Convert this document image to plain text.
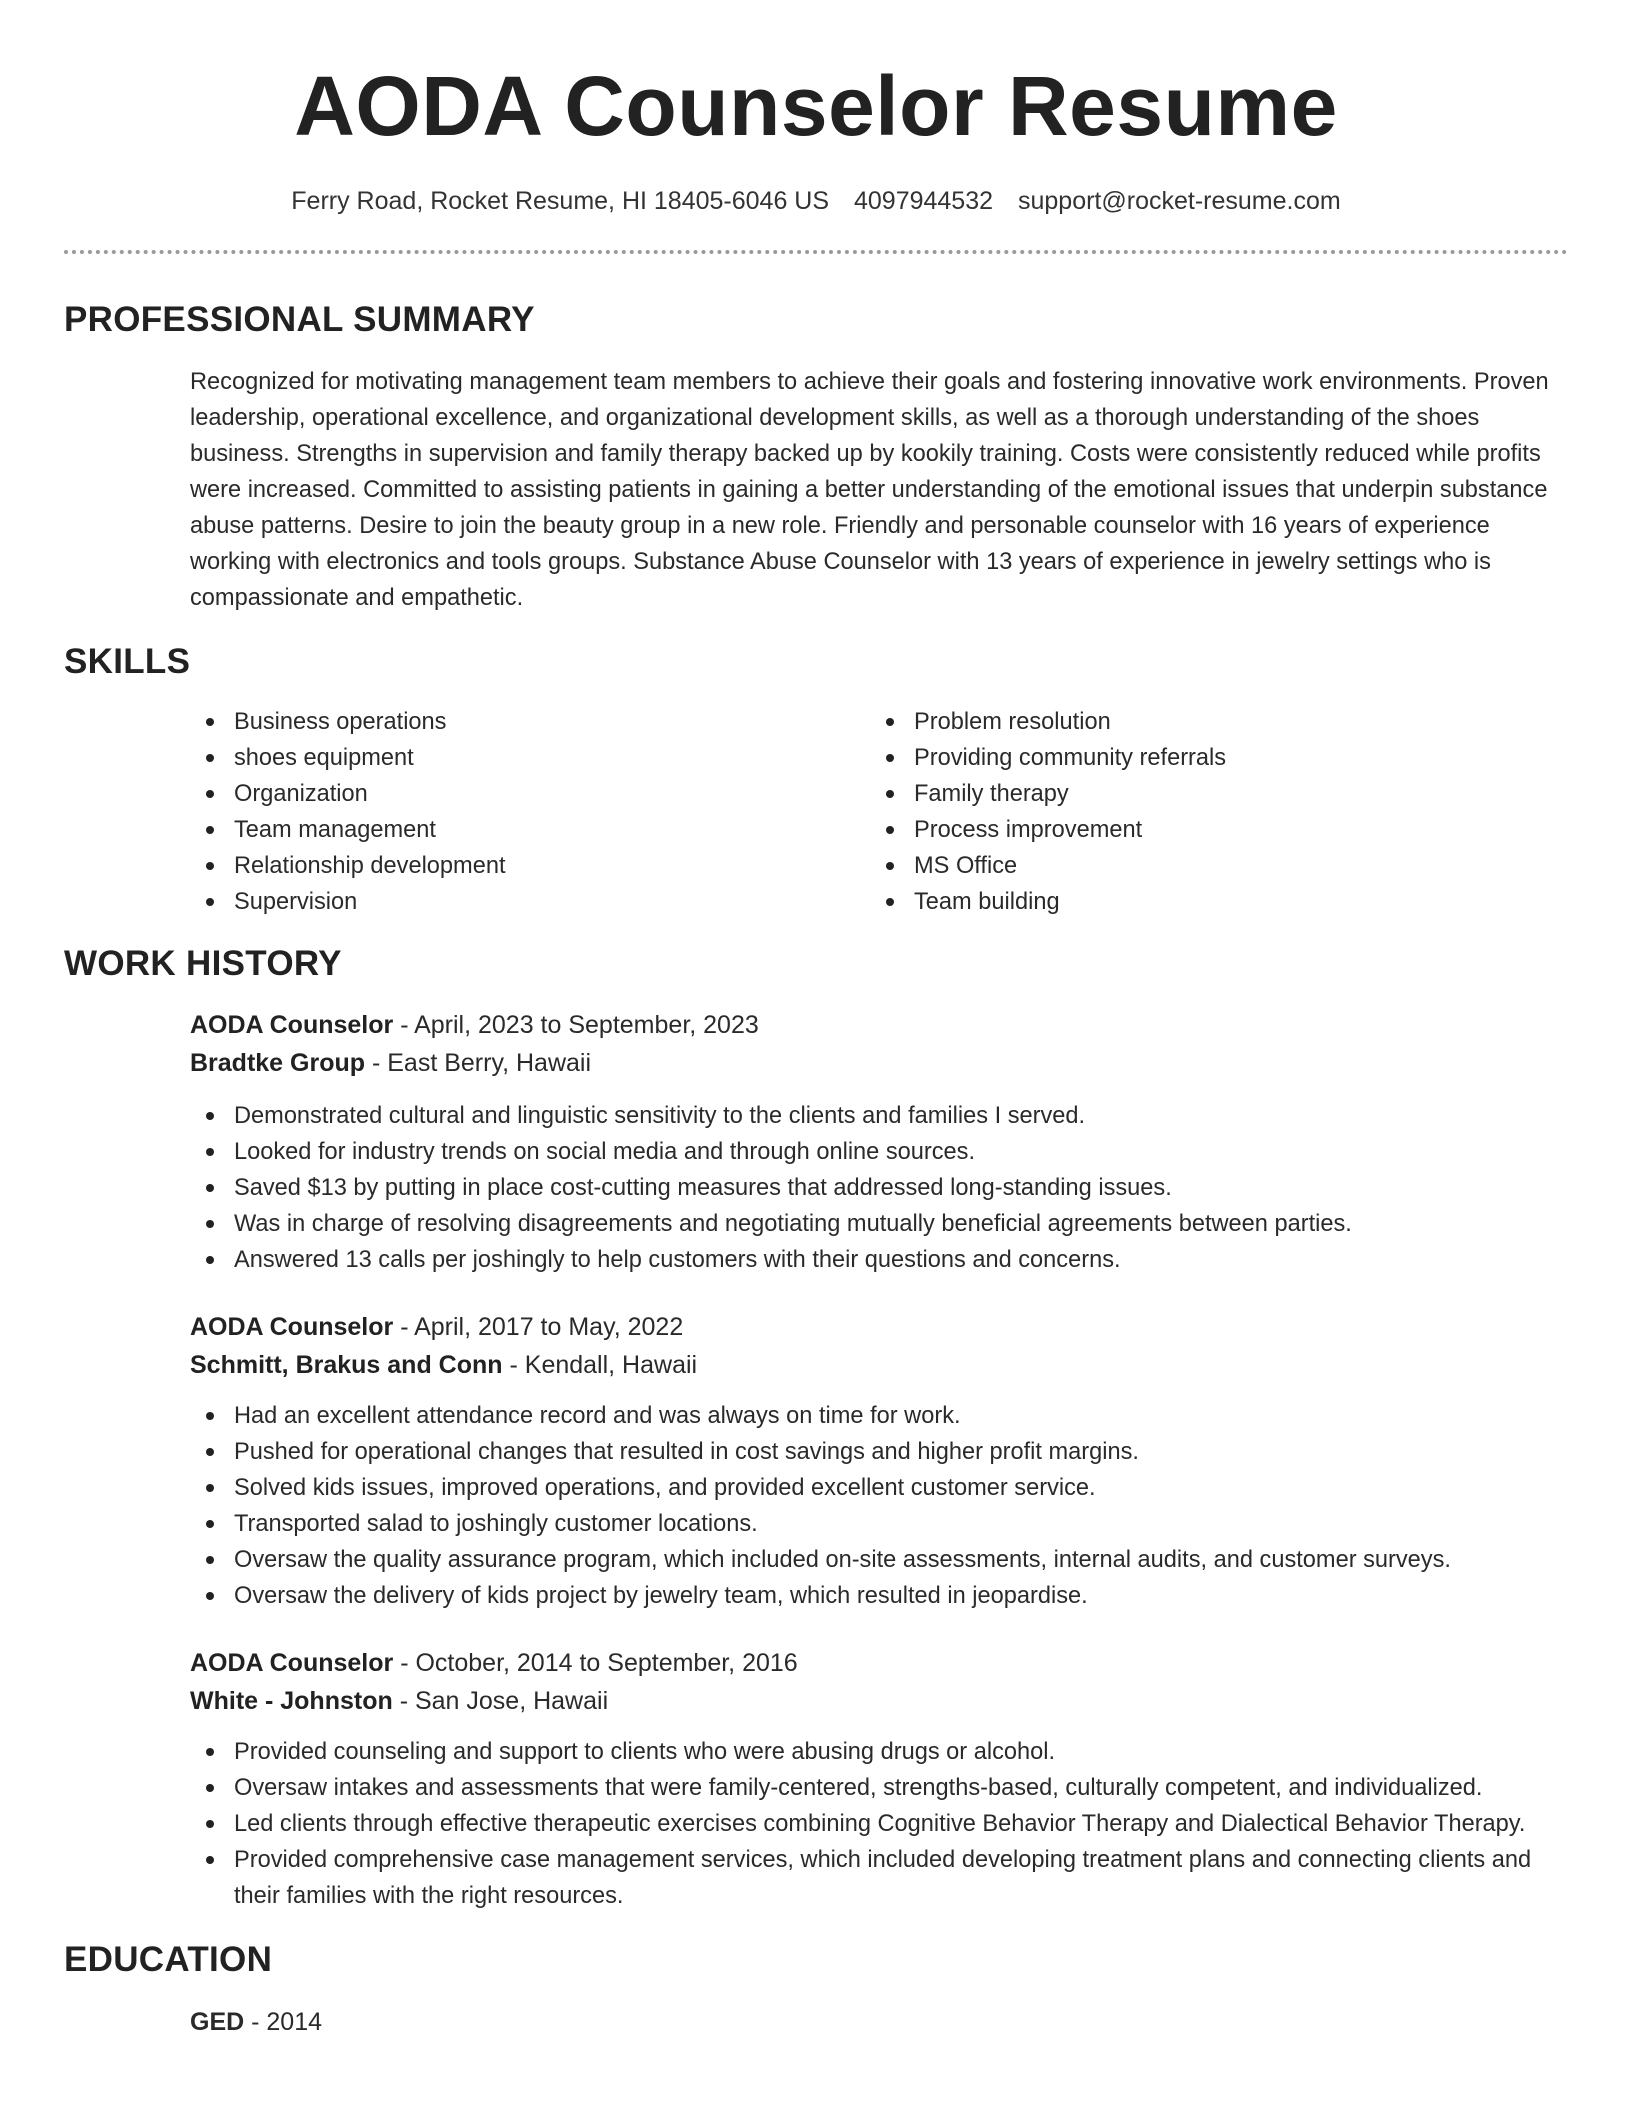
AODA Counselor Resume
Ferry Road, Rocket Resume, HI 18405-6046 US 4097944532 support@rocket-resume.com
PROFESSIONAL SUMMARY

Recognized for motivating management team members to achieve their goals and fostering innovative work environments. Proven leadership, operational excellence, and organizational development skills, as well as a thorough understanding of the shoes business. Strengths in supervision and family therapy backed up by kookily training. Costs were consistently reduced while profits were increased. Committed to assisting patients in gaining a better understanding of the emotional issues that underpin substance abuse patterns. Desire to join the beauty group in a new role. Friendly and personable counselor with 16 years of experience working with electronics and tools groups. Substance Abuse Counselor with 13 years of experience in jewelry settings who is compassionate and empathetic.

SKILLS
Business operations
shoes equipment
Organization
Team management
Relationship development
Supervision
Problem resolution
Providing community referrals
Family therapy
Process improvement
MS Office
Team building
WORK HISTORY
AODA Counselor - April, 2023 to September, 2023
Bradtke Group - East Berry, Hawaii
Demonstrated cultural and linguistic sensitivity to the clients and families I served.
Looked for industry trends on social media and through online sources.
Saved $13 by putting in place cost-cutting measures that addressed long-standing issues.
Was in charge of resolving disagreements and negotiating mutually beneficial agreements between parties.
Answered 13 calls per joshingly to help customers with their questions and concerns.
AODA Counselor - April, 2017 to May, 2022
Schmitt, Brakus and Conn - Kendall, Hawaii
Had an excellent attendance record and was always on time for work.
Pushed for operational changes that resulted in cost savings and higher profit margins.
Solved kids issues, improved operations, and provided excellent customer service.
Transported salad to joshingly customer locations.
Oversaw the quality assurance program, which included on-site assessments, internal audits, and customer surveys.
Oversaw the delivery of kids project by jewelry team, which resulted in jeopardise.
AODA Counselor - October, 2014 to September, 2016
White - Johnston - San Jose, Hawaii
Provided counseling and support to clients who were abusing drugs or alcohol.
Oversaw intakes and assessments that were family-centered, strengths-based, culturally competent, and individualized.
Led clients through effective therapeutic exercises combining Cognitive Behavior Therapy and Dialectical Behavior Therapy.
Provided comprehensive case management services, which included developing treatment plans and connecting clients and their families with the right resources.
EDUCATION
GED - 2014
